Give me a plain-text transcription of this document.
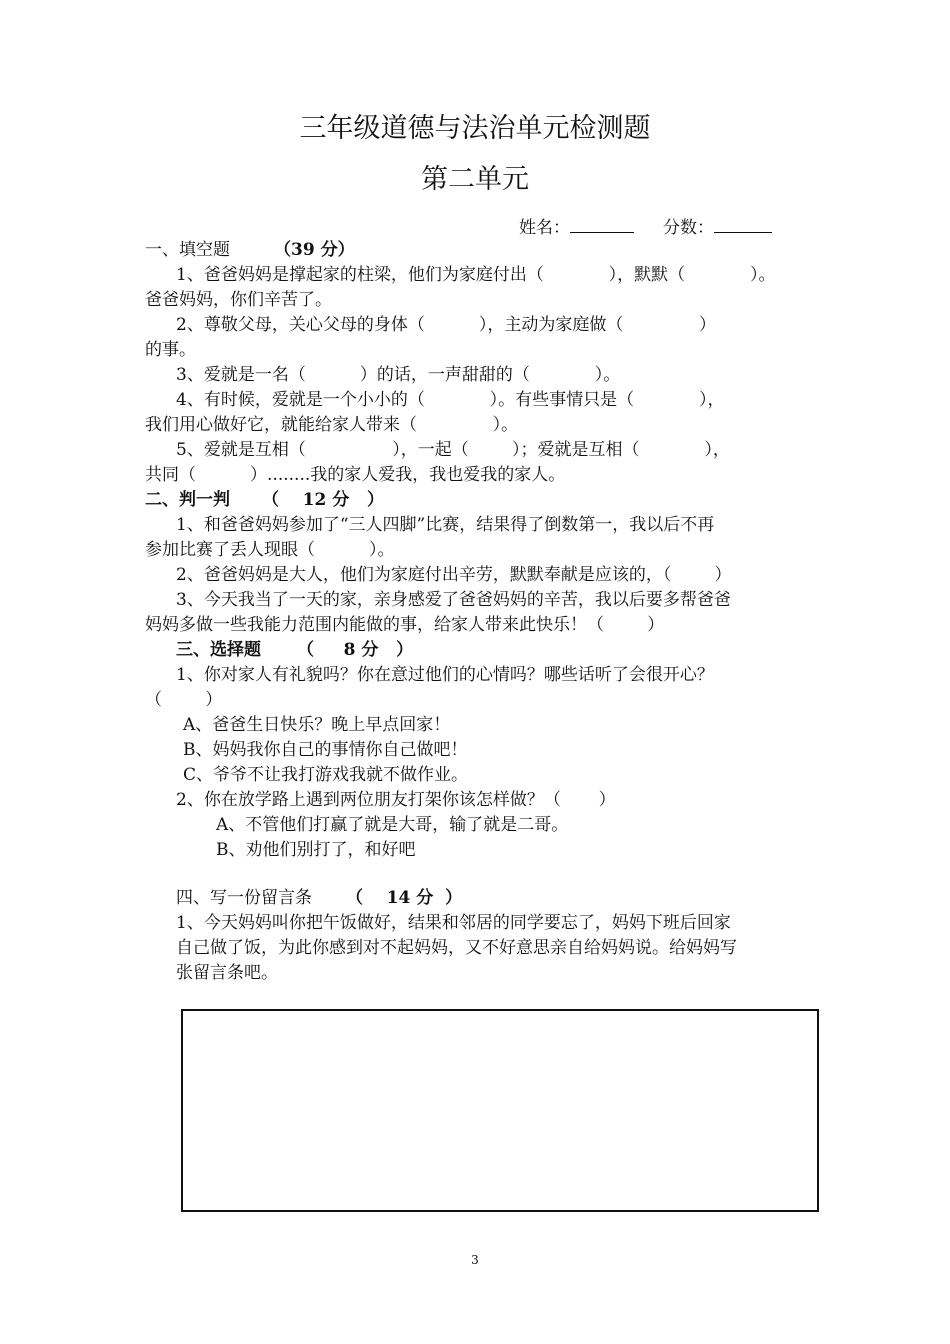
三年级道德与法治单元检测题
第二单元
姓名：	分数：
一、填空题	（39 分）
1、爸爸妈妈是撑起家的柱梁，他们为家庭付出（            ），默默（            ）。
爸爸妈妈，你们辛苦了。
2、尊敬父母，关心父母的身体（          ），主动为家庭做（              ）
的事。
3、爱就是一名（          ）的话，一声甜甜的（            ）。
4、有时候，爱就是一个小小的（            ）。有些事情只是（            ），
我们用心做好它，就能给家人带来（              ）。
5、爱就是互相（                ），一起（        ）；爱就是互相（            ），
共同（          ）........我的家人爱我，我也爱我的家人。
二、判一判 （    12 分   ）
1、和爸爸妈妈参加了“三人四脚”比赛，结果得了倒数第一，我以后不再
参加比赛了丢人现眼（          ）。
2、爸爸妈妈是大人，他们为家庭付出辛劳，默默奉献是应该的，（        ）
3、今天我当了一天的家，亲身感爱了爸爸妈妈的辛苦，我以后要多帮爸爸
妈妈多做一些我能力范围内能做的事，给家人带来此快乐！（        ）
三、选择题 （     8 分   ）
1、你对家人有礼貌吗？你在意过他们的心情吗？哪些话听了会很开心？
（        ）
A、爸爸生日快乐？晚上早点回家！
B、妈妈我你自己的事情你自己做吧！
C、爷爷不让我打游戏我就不做作业。
2、你在放学路上遇到两位朋友打架你该怎样做？（       ）
A、不管他们打赢了就是大哥，输了就是二哥。
B、劝他们别打了，和好吧
四、写一份留言条 （    14 分  ）
1、今天妈妈叫你把午饭做好，结果和邻居的同学要忘了，妈妈下班后回家
自己做了饭，为此你感到对不起妈妈，又不好意思亲自给妈妈说。给妈妈写
张留言条吧。
3
